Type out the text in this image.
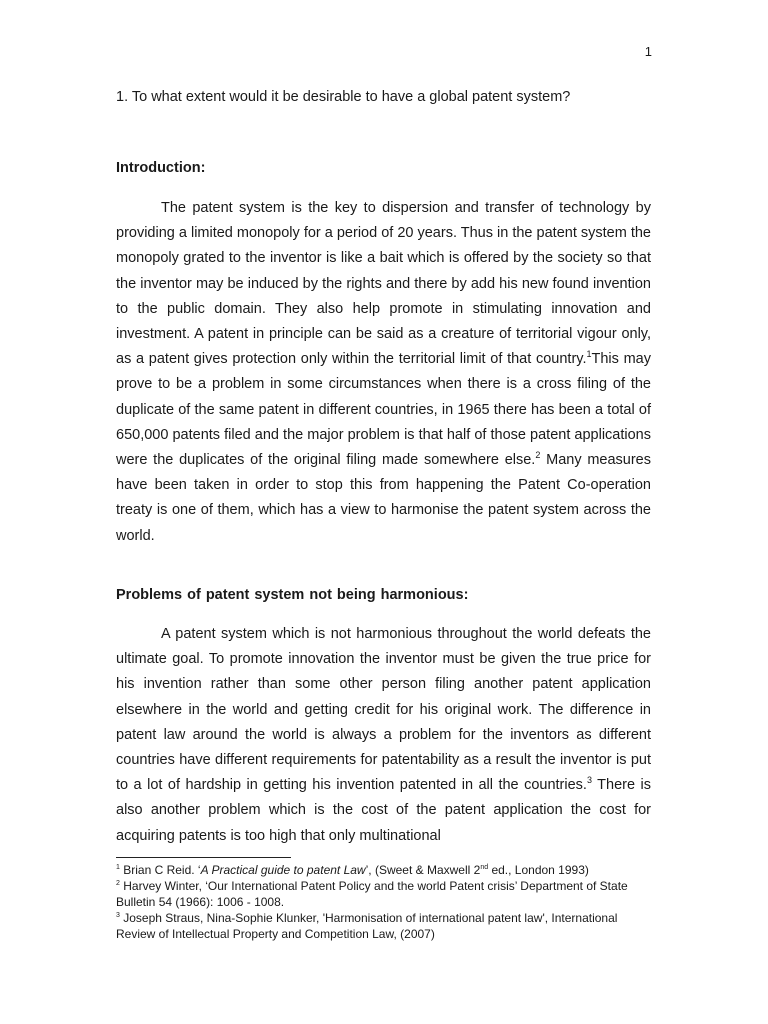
1
1. To what extent would it be desirable to have a global patent system?
Introduction:

The patent system is the key to dispersion and transfer of technology by providing a limited monopoly for a period of 20 years. Thus in the patent system the monopoly grated to the inventor is like a bait which is offered by the society so that the inventor may be induced by the rights and there by add his new found invention to the public domain. They also help promote in stimulating innovation and investment. A patent in principle can be said as a creature of territorial vigour only, as a patent gives protection only within the territorial limit of that country.$^1$This may prove to be a problem in some circumstances when there is a cross filing of the duplicate of the same patent in different countries, in 1965 there has been a total of 650,000 patents filed and the major problem is that half of those patent applications were the duplicates of the original filing made somewhere else.$^2$ Many measures have been taken in order to stop this from happening the Patent Co-operation treaty is one of them, which has a view to harmonise the patent system across the world.

Problems of patent system not being harmonious:

A patent system which is not harmonious throughout the world defeats the ultimate goal. To promote innovation the inventor must be given the true price for his invention rather than some other person filing another patent application elsewhere in the world and getting credit for his original work. The difference in patent law around the world is always a problem for the inventors as different countries have different requirements for patentability as a result the inventor is put to a lot of hardship in getting his invention patented in all the countries.$^3$ There is also another problem which is the cost of the patent application the cost for acquiring patents is too high that only multinational

$^1$ Brian C Reid. ‘A Practical guide to patent Law’, (Sweet & Maxwell 2nd ed., London 1993)

$^2$ Harvey Winter, ‘Our International Patent Policy and the world Patent crisis’ Department of State Bulletin 54 (1966): 1006 - 1008.

$^3$ Joseph Straus, Nina-Sophie Klunker, 'Harmonisation of international patent law', International Review of Intellectual Property and Competition Law, (2007)
